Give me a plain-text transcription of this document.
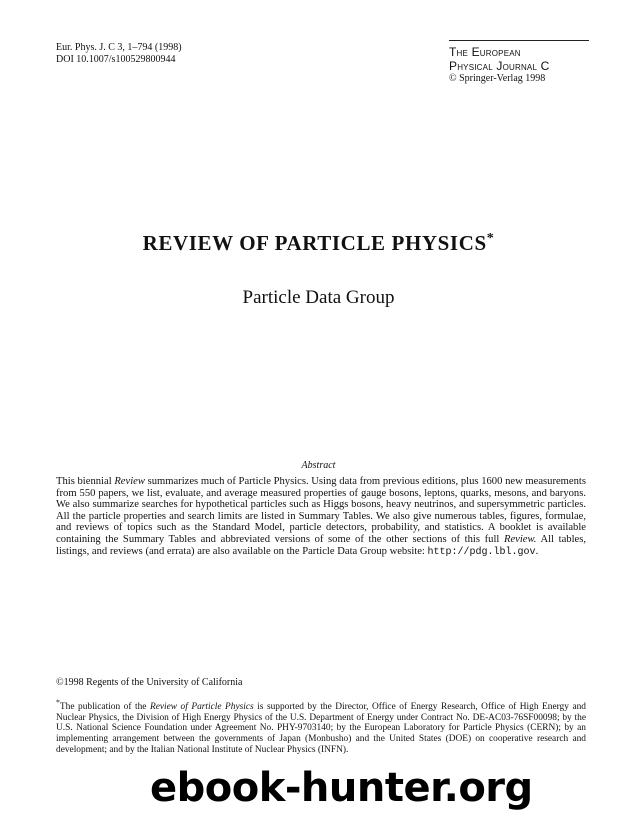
Eur. Phys. J. C 3, 1–794 (1998)
DOI 10.1007/s100529800944
The European
Physical Journal C
© Springer-Verlag 1998
REVIEW OF PARTICLE PHYSICS*
Particle Data Group
Abstract
This biennial Review summarizes much of Particle Physics. Using data from previous editions, plus 1600 new measurements from 550 papers, we list, evaluate, and average measured properties of gauge bosons, leptons, quarks, mesons, and baryons. We also summarize searches for hypothetical particles such as Higgs bosons, heavy neutrinos, and supersymmetric particles. All the particle properties and search limits are listed in Summary Tables. We also give numerous tables, figures, formulae, and reviews of topics such as the Standard Model, particle detectors, probability, and statistics. A booklet is available containing the Summary Tables and abbreviated versions of some of the other sections of this full Review. All tables, listings, and reviews (and errata) are also available on the Particle Data Group website: http://pdg.lbl.gov.
©1998 Regents of the University of California
*The publication of the Review of Particle Physics is supported by the Director, Office of Energy Research, Office of High Energy and Nuclear Physics, the Division of High Energy Physics of the U.S. Department of Energy under Contract No. DE-AC03-76SF00098; by the U.S. National Science Foundation under Agreement No. PHY-9703140; by the European Laboratory for Particle Physics (CERN); by an implementing arrangement between the governments of Japan (Monbusho) and the United States (DOE) on cooperative research and development; and by the Italian National Institute of Nuclear Physics (INFN).
ebook-hunter.org
